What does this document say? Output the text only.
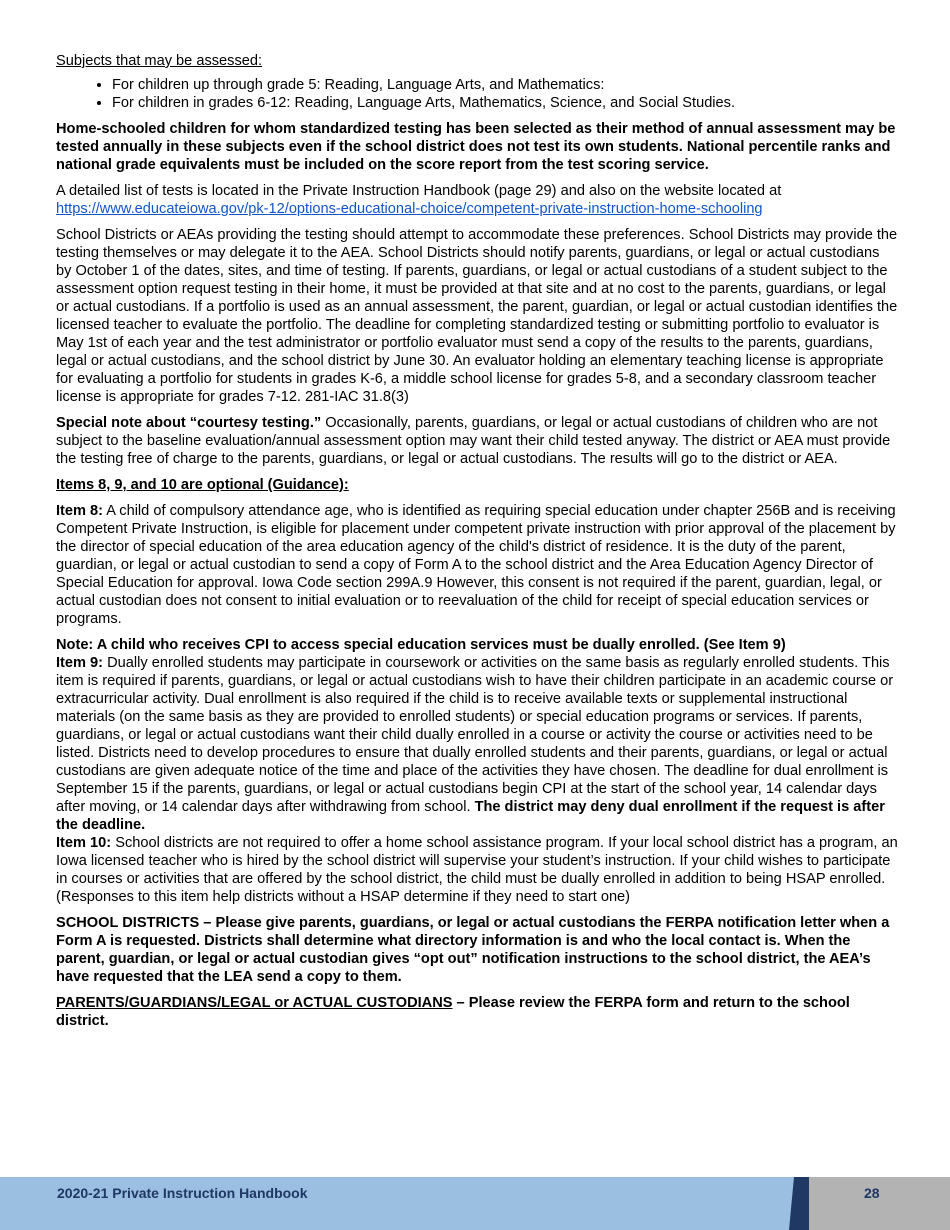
Subjects that may be assessed:

• For children up through grade 5: Reading, Language Arts, and Mathematics:
• For children in grades 6-12: Reading, Language Arts, Mathematics, Science, and Social Studies.

Home-schooled children for whom standardized testing has been selected as their method of annual assessment may be tested annually in these subjects even if the school district does not test its own students. National percentile ranks and national grade equivalents must be included on the score report from the test scoring service.

A detailed list of tests is located in the Private Instruction Handbook (page 29) and also on the website located at
https://www.educateiowa.gov/pk-12/options-educational-choice/competent-private-instruction-home-schooling

School Districts or AEAs providing the testing should attempt to accommodate these preferences. School Districts may provide the testing themselves or may delegate it to the AEA. School Districts should notify parents, guardians, or legal or actual custodians by October 1 of the dates, sites, and time of testing. If parents, guardians, or legal or actual custodians of a student subject to the assessment option request testing in their home, it must be provided at that site and at no cost to the parents, guardians, or legal or actual custodians. If a portfolio is used as an annual assessment, the parent, guardian, or legal or actual custodian identifies the licensed teacher to evaluate the portfolio. The deadline for completing standardized testing or submitting portfolio to evaluator is May 1st of each year and the test administrator or portfolio evaluator must send a copy of the results to the parents, guardians, legal or actual custodians, and the school district by June 30. An evaluator holding an elementary teaching license is appropriate for evaluating a portfolio for students in grades K-6, a middle school license for grades 5-8, and a secondary classroom teacher license is appropriate for grades 7-12. 281-IAC 31.8(3)

Special note about “courtesy testing.” Occasionally, parents, guardians, or legal or actual custodians of children who are not subject to the baseline evaluation/annual assessment option may want their child tested anyway. The district or AEA must provide the testing free of charge to the parents, guardians, or legal or actual custodians. The results will go to the district or AEA.

Items 8, 9, and 10 are optional (Guidance):

Item 8: A child of compulsory attendance age, who is identified as requiring special education under chapter 256B and is receiving Competent Private Instruction, is eligible for placement under competent private instruction with prior approval of the placement by the director of special education of the area education agency of the child's district of residence. It is the duty of the parent, guardian, or legal or actual custodian to send a copy of Form A to the school district and the Area Education Agency Director of Special Education for approval. Iowa Code section 299A.9 However, this consent is not required if the parent, guardian, legal, or actual custodian does not consent to initial evaluation or to reevaluation of the child for receipt of special education services or programs.

Note: A child who receives CPI to access special education services must be dually enrolled. (See Item 9)

Item 9: Dually enrolled students may participate in coursework or activities on the same basis as regularly enrolled students. This item is required if parents, guardians, or legal or actual custodians wish to have their children participate in an academic course or extracurricular activity. Dual enrollment is also required if the child is to receive available texts or supplemental instructional materials (on the same basis as they are provided to enrolled students) or special education programs or services. If parents, guardians, or legal or actual custodians want their child dually enrolled in a course or activity the course or activities need to be listed. Districts need to develop procedures to ensure that dually enrolled students and their parents, guardians, or legal or actual custodians are given adequate notice of the time and place of the activities they have chosen. The deadline for dual enrollment is September 15 if the parents, guardians, or legal or actual custodians begin CPI at the start of the school year, 14 calendar days after moving, or 14 calendar days after withdrawing from school. The district may deny dual enrollment if the request is after the deadline.

Item 10: School districts are not required to offer a home school assistance program. If your local school district has a program, an Iowa licensed teacher who is hired by the school district will supervise your student’s instruction. If your child wishes to participate in courses or activities that are offered by the school district, the child must be dually enrolled in addition to being HSAP enrolled. (Responses to this item help districts without a HSAP determine if they need to start one)

SCHOOL DISTRICTS – Please give parents, guardians, or legal or actual custodians the FERPA notification letter when a Form A is requested. Districts shall determine what directory information is and who the local contact is. When the parent, guardian, or legal or actual custodian gives “opt out” notification instructions to the school district, the AEA’s have requested that the LEA send a copy to them.

PARENTS/GUARDIANS/LEGAL or ACTUAL CUSTODIANS – Please review the FERPA form and return to the school district.

2020-21 Private Instruction Handbook	28
